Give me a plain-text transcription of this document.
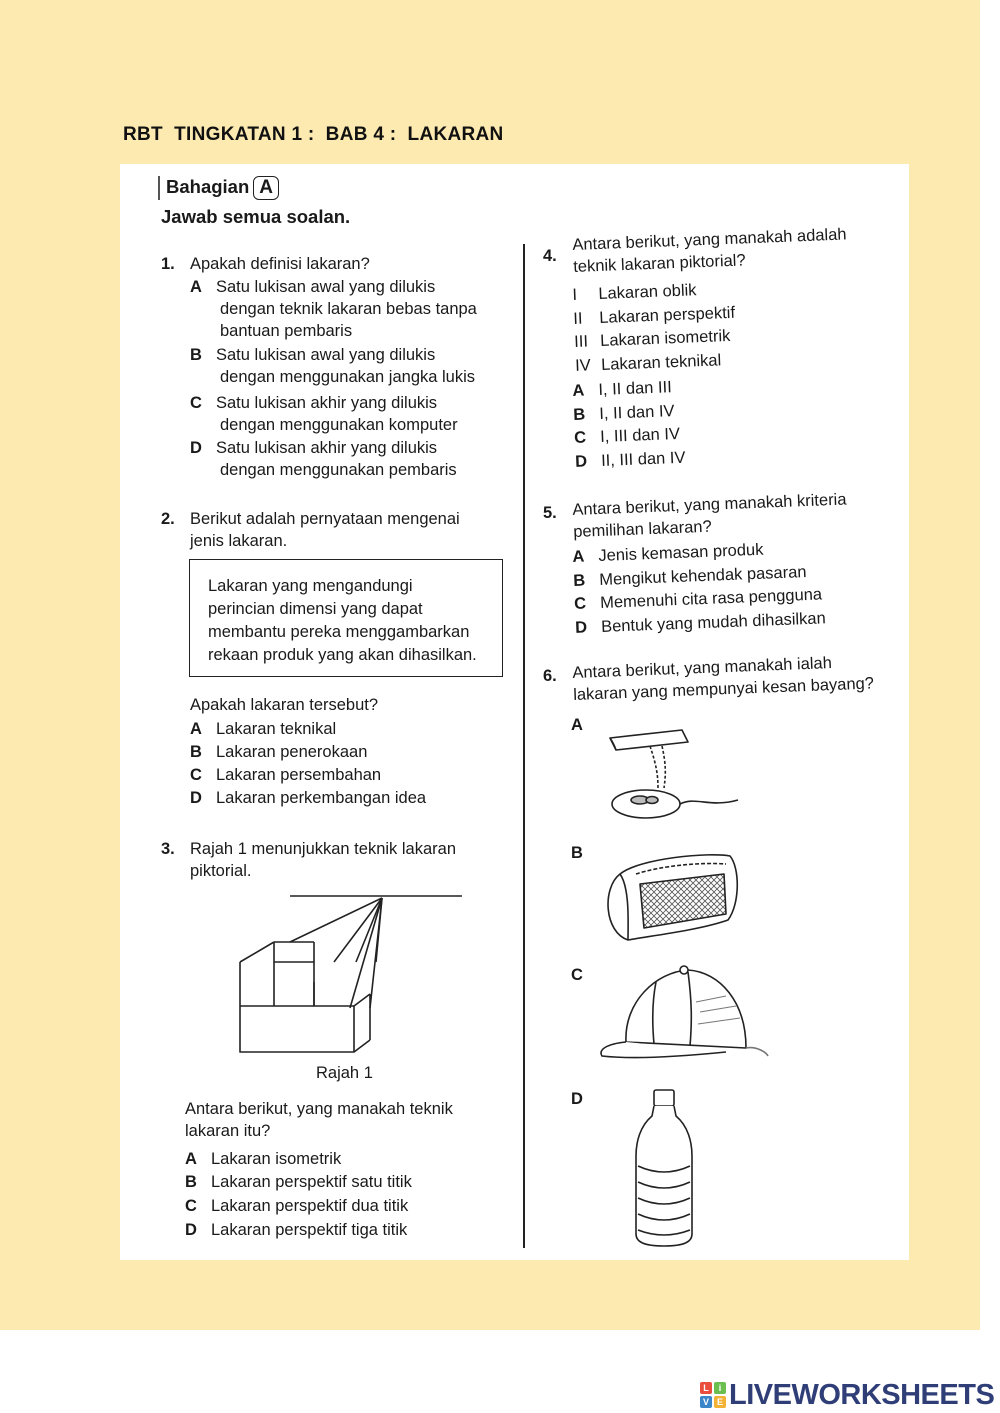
RBT  TINGKATAN 1 :  BAB 4 :  LAKARAN
Bahagian A
Jawab semua soalan.
1. Apakah definisi lakaran?
A Satu lukisan awal yang dilukis
dengan teknik lakaran bebas tanpa
bantuan pembaris
B Satu lukisan awal yang dilukis
dengan menggunakan jangka lukis
C Satu lukisan akhir yang dilukis
dengan menggunakan komputer
D Satu lukisan akhir yang dilukis
dengan menggunakan pembaris
2. Berikut adalah pernyataan mengenai
jenis lakaran.
Lakaran yang mengandungi
perincian dimensi yang dapat
membantu pereka menggambarkan
rekaan produk yang akan dihasilkan.
Apakah lakaran tersebut?
A Lakaran teknikal
B Lakaran penerokaan
C Lakaran persembahan
D Lakaran perkembangan idea
3. Rajah 1 menunjukkan teknik lakaran
piktorial.
Rajah 1
Antara berikut, yang manakah teknik
lakaran itu?
A Lakaran isometrik
B Lakaran perspektif satu titik
C Lakaran perspektif dua titik
D Lakaran perspektif tiga titik
4.
Antara berikut, yang manakah adalah
teknik lakaran piktorial?
I Lakaran oblik
II Lakaran perspektif
III Lakaran isometrik
IV Lakaran teknikal
A I, II dan III
B I, II dan IV
C I, III dan IV
D II, III dan IV
5. Antara berikut, yang manakah kriteria
pemilihan lakaran?
A Jenis kemasan produk
B Mengikut kehendak pasaran
C Memenuhi cita rasa pengguna
D Bentuk yang mudah dihasilkan
6. Antara berikut, yang manakah ialah
lakaran yang mempunyai kesan bayang?
A
B
C
D
L	i
V E LIVEWORKSHEETS
